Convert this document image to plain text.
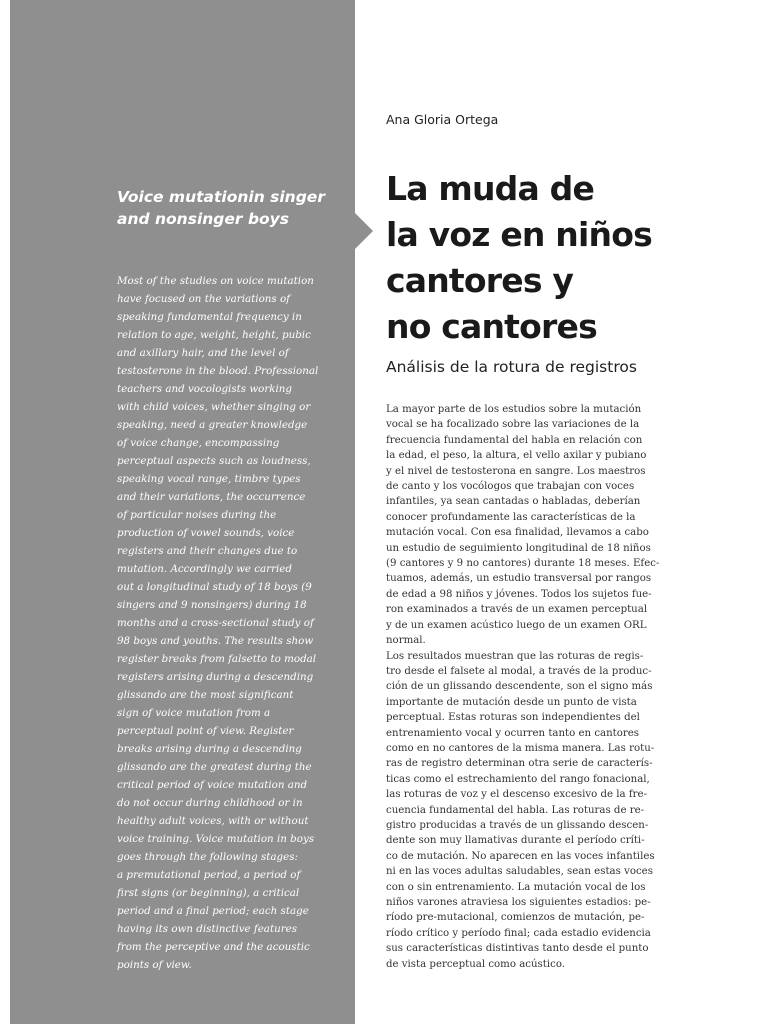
Voice mutationin singer and nonsinger boys

Most of the studies on voice mutation
have focused on the variations of
speaking fundamental frequency in
relation to age, weight, height, pubic
and axillary hair, and the level of
testosterone in the blood. Professional
teachers and vocologists working
with child voices, whether singing or
speaking, need a greater knowledge
of voice change, encompassing
perceptual aspects such as loudness,
speaking vocal range, timbre types
and their variations, the occurrence
of particular noises during the
production of vowel sounds, voice
registers and their changes due to
mutation. Accordingly we carried
out a longitudinal study of 18 boys (9
singers and 9 nonsingers) during 18
months and a cross-sectional study of
98 boys and youths. The results show
register breaks from falsetto to modal
registers arising during a descending
glissando are the most significant
sign of voice mutation from a
perceptual point of view. Register
breaks arising during a descending
glissando are the greatest during the
critical period of voice mutation and
do not occur during childhood or in
healthy adult voices, with or without
voice training. Voice mutation in boys
goes through the following stages:
a premutational period, a period of
first signs (or beginning), a critical
period and a final period; each stage
having its own distinctive features
from the perceptive and the acoustic
points of view.

Ana Gloria Ortega
La muda de
la voz en niños
cantores y
no cantores
Análisis de la rotura de registros

La mayor parte de los estudios sobre la mutación
vocal se ha focalizado sobre las variaciones de la
frecuencia fundamental del habla en relación con
la edad, el peso, la altura, el vello axilar y pubiano
y el nivel de testosterona en sangre. Los maestros
de canto y los vocólogos que trabajan con voces
infantiles, ya sean cantadas o habladas, deberían
conocer profundamente las características de la
mutación vocal. Con esa finalidad, llevamos a cabo
un estudio de seguimiento longitudinal de 18 niños
(9 cantores y 9 no cantores) durante 18 meses. Efec-
tuamos, además, un estudio transversal por rangos
de edad a 98 niños y jóvenes. Todos los sujetos fue-
ron examinados a través de un examen perceptual
y de un examen acústico luego de un examen ORL
normal.
Los resultados muestran que las roturas de regis-
tro desde el falsete al modal, a través de la produc-
ción de un glissando descendente, son el signo más
importante de mutación desde un punto de vista
perceptual. Estas roturas son independientes del
entrenamiento vocal y ocurren tanto en cantores
como en no cantores de la misma manera. Las rotu-
ras de registro determinan otra serie de caracterís-
ticas como el estrechamiento del rango fonacional,
las roturas de voz y el descenso excesivo de la fre-
cuencia fundamental del habla. Las roturas de re-
gistro producidas a través de un glissando descen-
dente son muy llamativas durante el período críti-
co de mutación. No aparecen en las voces infantiles
ni en las voces adultas saludables, sean estas voces
con o sin entrenamiento. La mutación vocal de los
niños varones atraviesa los siguientes estadios: pe-
ríodo pre-mutacional, comienzos de mutación, pe-
ríodo crítico y período final; cada estadio evidencia
sus características distintivas tanto desde el punto
de vista perceptual como acústico.
